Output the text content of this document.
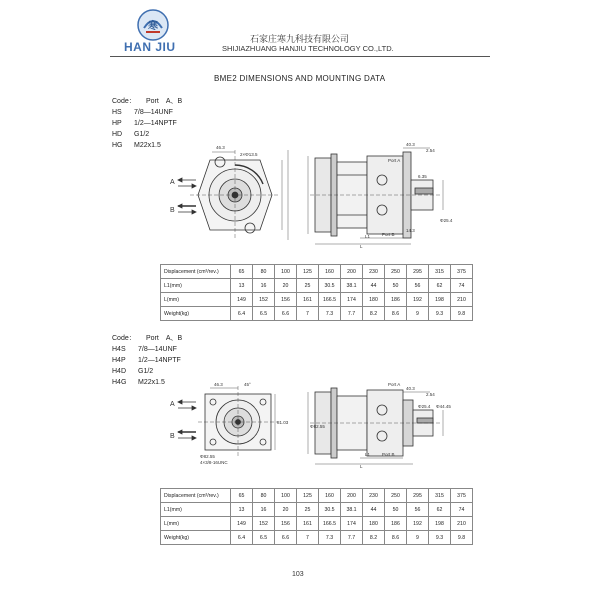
寒
HAN JIU
石家庄寒九科技有限公司
SHIJIAZHUANG HANJIU TECHNOLOGY CO.,LTD.
BME2 DIMENSIONS AND MOUNTING DATA
Code：	Port　A、B
HS	7/8—14UNF
HP	1/2—14NPTF
HD	G1/2
HG	M22x1.5	46.3
2×Φ13.5
A
B
Port A
Port B
40.3
2.54
L1
L
14.3
6.35
Φ25.4
Displacement (cm³/rev.)	65	80	100	125	160	200	230	250	295	315	375
L1(mm)	13	16	20	25	30.5	38.1	44	50	56	62	74
L(mm)	149	152	156	161	166.5	174	180	186	192	198	210
Weight(kg)	6.4	6.5	6.6	7	7.3	7.7	8.2	8.6	9	9.3	9.8
Code：	Port　A、B
H4S	7/8—14UNF
H4P	1/2—14NPTF
H4D	G1/2
H4G	M22x1.5	46.3	45°
81.03
Φ82.55
4×3/8-16UNC
A
B
Port A
Port B
40.3
2.54
L1
L
Φ82.55
Φ44.45
Φ25.4
Displacement (cm³/rev.)	65	80	100	125	160	200	230	250	295	315	375
L1(mm)	13	16	20	25	30.5	38.1	44	50	56	62	74
L(mm)	149	152	156	161	166.5	174	180	186	192	198	210
Weight(kg)	6.4	6.5	6.6	7	7.3	7.7	8.2	8.6	9	9.3	9.8
103
